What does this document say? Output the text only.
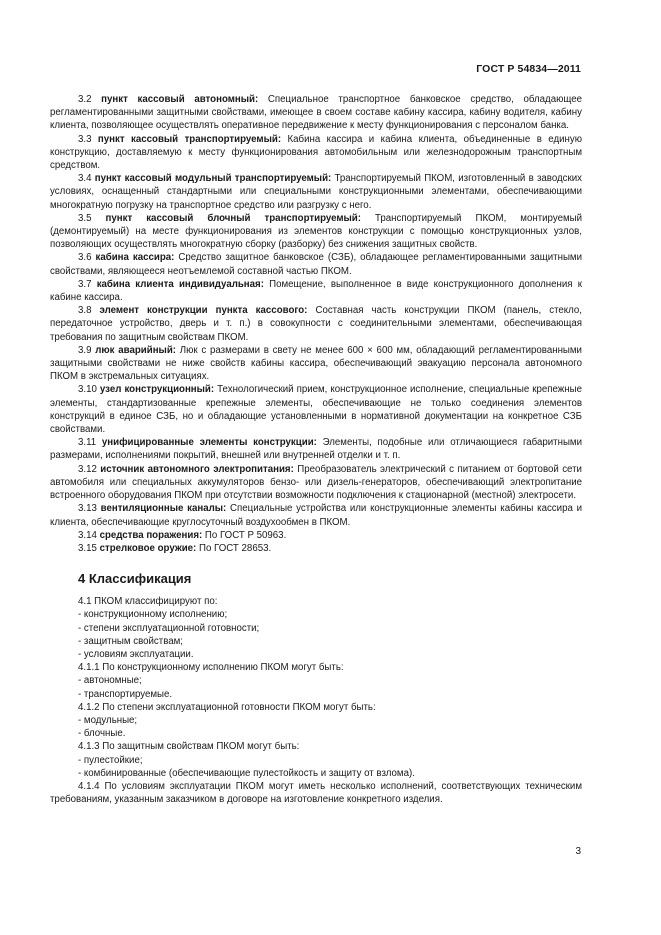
ГОСТ Р 54834—2011

3.2 пункт кассовый автономный: Специальное транспортное банковское средство, обладающее регламентированными защитными свойствами, имеющее в своем составе кабину кассира, кабину водителя, кабину клиента, позволяющее осуществлять оперативное передвижение к месту функционирования с персоналом банка.

3.3 пункт кассовый транспортируемый: Кабина кассира и кабина клиента, объединенные в единую конструкцию, доставляемую к месту функционирования автомобильным или железнодорожным транспортным средством.

3.4 пункт кассовый модульный транспортируемый: Транспортируемый ПКОМ, изготовленный в заводских условиях, оснащенный стандартными или специальными конструкционными элементами, обеспечивающими многократную погрузку на транспортное средство или разгрузку с него.

3.5 пункт кассовый блочный транспортируемый: Транспортируемый ПКОМ, монтируемый (демонтируемый) на месте функционирования из элементов конструкции с помощью конструкционных узлов, позволяющих осуществлять многократную сборку (разборку) без снижения защитных свойств.

3.6 кабина кассира: Средство защитное банковское (СЗБ), обладающее регламентированными защитными свойствами, являющееся неотъемлемой составной частью ПКОМ.

3.7 кабина клиента индивидуальная: Помещение, выполненное в виде конструкционного дополнения к кабине кассира.

3.8 элемент конструкции пункта кассового: Составная часть конструкции ПКОМ (панель, стекло, передаточное устройство, дверь и т. п.) в совокупности с соединительными элементами, обеспечивающая требования по защитным свойствам ПКОМ.

3.9 люк аварийный: Люк с размерами в свету не менее 600 × 600 мм, обладающий регламентированными защитными свойствами не ниже свойств кабины кассира, обеспечивающий эвакуацию персонала автономного ПКОМ в экстремальных ситуациях.

3.10 узел конструкционный: Технологический прием, конструкционное исполнение, специальные крепежные элементы, стандартизованные крепежные элементы, обеспечивающие не только соединения элементов конструкций в единое СЗБ, но и обладающие установленными в нормативной документации на конкретное СЗБ свойствами.

3.11 унифицированные элементы конструкции: Элементы, подобные или отличающиеся габаритными размерами, исполнениями покрытий, внешней или внутренней отделки и т. п.

3.12 источник автономного электропитания: Преобразователь электрический с питанием от бортовой сети автомобиля или специальных аккумуляторов бензо- или дизель-генераторов, обеспечивающий электропитание встроенного оборудования ПКОМ при отсутствии возможности подключения к стационарной (местной) электросети.

3.13 вентиляционные каналы: Специальные устройства или конструкционные элементы кабины кассира и клиента, обеспечивающие круглосуточный воздухообмен в ПКОМ.

3.14 средства поражения: По ГОСТ Р 50963.

3.15 стрелковое оружие: По ГОСТ 28653.

4 Классификация

4.1 ПКОМ классифицируют по:

- конструкционному исполнению;

- степени эксплуатационной готовности;

- защитным свойствам;

- условиям эксплуатации.

4.1.1 По конструкционному исполнению ПКОМ могут быть:

- автономные;

- транспортируемые.

4.1.2 По степени эксплуатационной готовности ПКОМ могут быть:

- модульные;

- блочные.

4.1.3 По защитным свойствам ПКОМ могут быть:

- пулестойкие;

- комбинированные (обеспечивающие пулестойкость и защиту от взлома).

4.1.4 По условиям эксплуатации ПКОМ могут иметь несколько исполнений, соответствующих техническим требованиям, указанным заказчиком в договоре на изготовление конкретного изделия.

3
